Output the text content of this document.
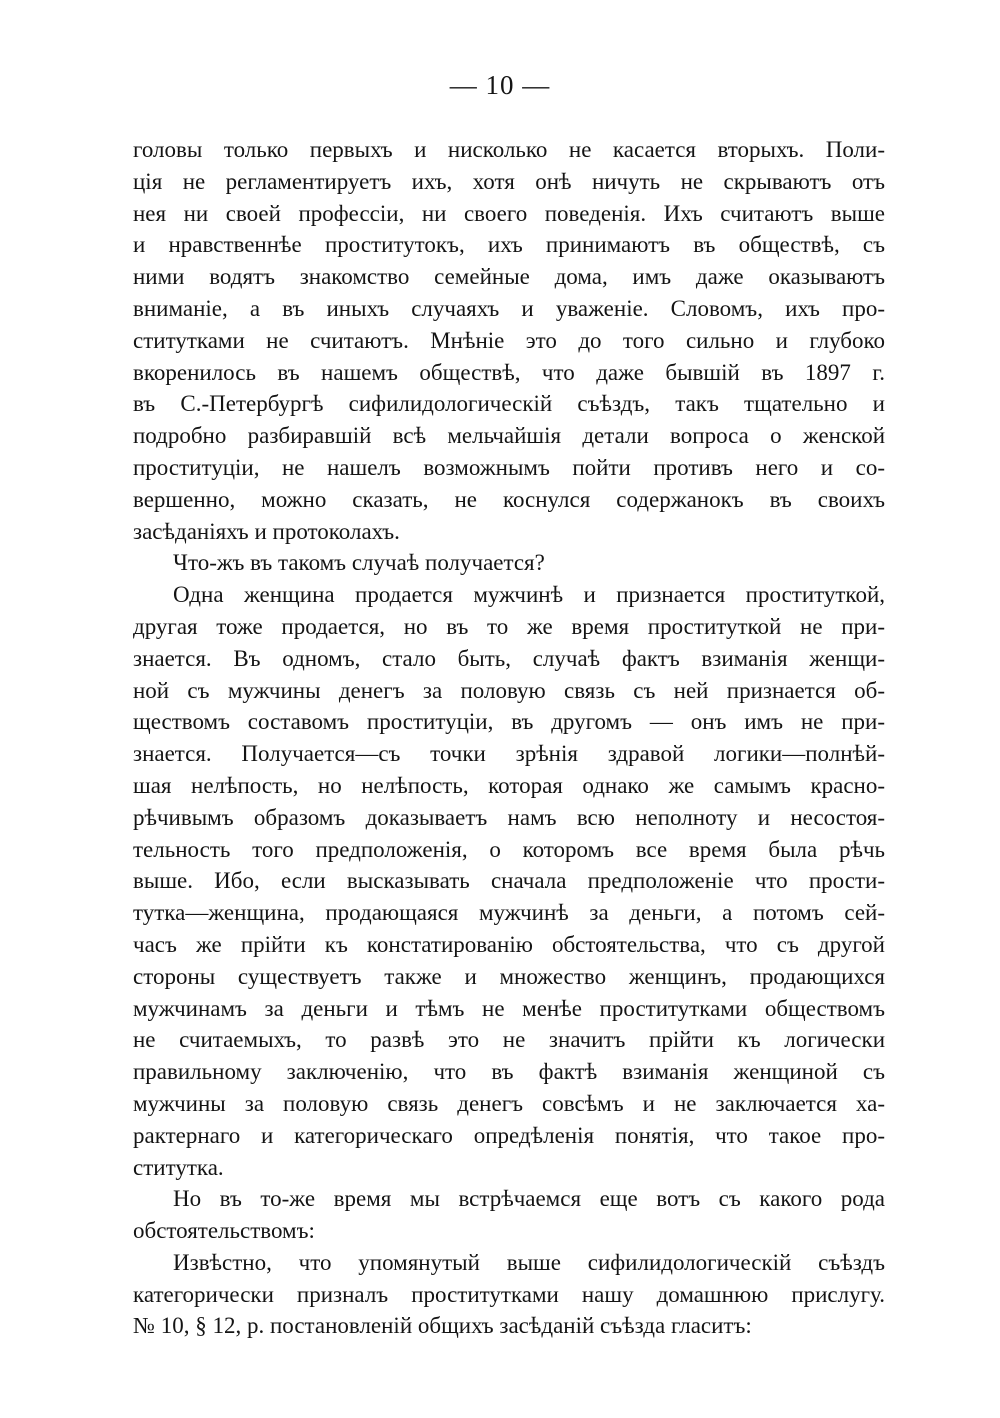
— 10 —
головы только первыхъ и нисколько не касается вторыхъ. Поли-
ція не регламентируетъ ихъ, хотя онѣ ничуть не скрываютъ отъ
нея ни своей профессіи, ни своего поведенія. Ихъ считаютъ выше
и нравственнѣе проститутокъ, ихъ принимаютъ въ обществѣ, съ
ними водятъ знакомство семейные дома, имъ даже оказываютъ
вниманіе, а въ иныхъ случаяхъ и уваженіе. Словомъ, ихъ про-
ститутками не считаютъ. Мнѣніе это до того сильно и глубоко
вкоренилось въ нашемъ обществѣ, что даже бывшій въ 1897 г.
въ С.-Петербургѣ сифилидологическій съѣздъ, такъ тщательно и
подробно разбиравшій всѣ мельчайшія детали вопроса о женской
проституціи, не нашелъ возможнымъ пойти противъ него и со-
вершенно, можно сказать, не коснулся содержанокъ въ своихъ
засѣданіяхъ и протоколахъ.
Что-жъ въ такомъ случаѣ получается?
Одна женщина продается мужчинѣ и признается проституткой,
другая тоже продается, но въ то же время проституткой не при-
знается. Въ одномъ, стало быть, случаѣ фактъ взиманія женщи-
ной съ мужчины денегъ за половую связь съ ней признается об-
ществомъ составомъ проституціи, въ другомъ — онъ имъ не при-
знается. Получается—съ точки зрѣнія здравой логики—полнѣй-
шая нелѣпость, но нелѣпость, которая однако же самымъ красно-
рѣчивымъ образомъ доказываетъ намъ всю неполноту и несостоя-
тельность того предположенія, о которомъ все время была рѣчь
выше. Ибо, если высказывать сначала предположеніе что прости-
тутка—женщина, продающаяся мужчинѣ за деньги, а потомъ сей-
часъ же прійти къ констатированію обстоятельства, что съ другой
стороны существуетъ также и множество женщинъ, продающихся
мужчинамъ за деньги и тѣмъ не менѣе проститутками обществомъ
не считаемыхъ, то развѣ это не значитъ прійти къ логически
правильному заключенію, что въ фактѣ взиманія женщиной съ
мужчины за половую связь денегъ совсѣмъ и не заключается ха-
рактернаго и категорическаго опредѣленія понятія, что такое про-
ститутка.
Но въ то-же время мы встрѣчаемся еще вотъ съ какого рода
обстоятельствомъ:
Извѣстно, что упомянутый выше сифилидологическій съѣздъ
категорически призналъ проститутками нашу домашнюю прислугу.
№ 10, § 12, р. постановленій общихъ засѣданій съѣзда гласитъ:
